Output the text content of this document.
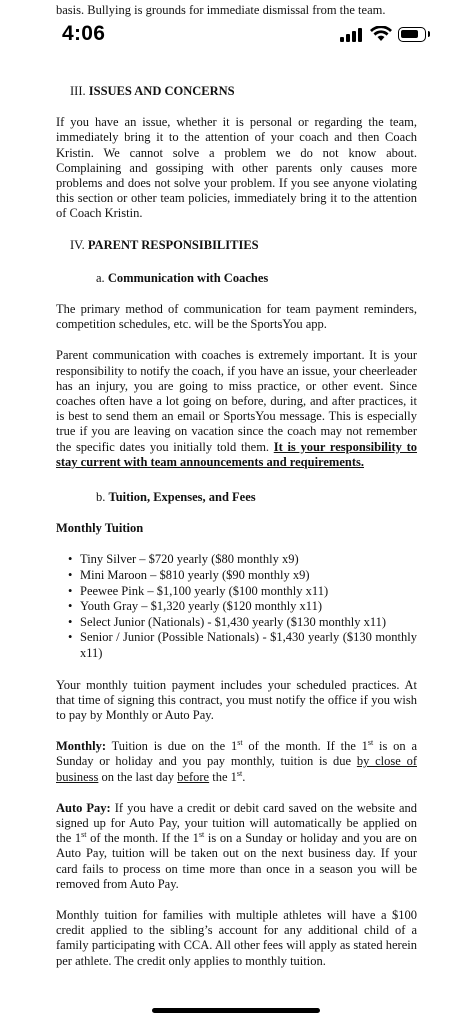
basis. Bullying is grounds for immediate dismissal from the team.
4:06
III. ISSUES AND CONCERNS

If you have an issue, whether it is personal or regarding the team, immediately bring it to the attention of your coach and then Coach Kristin. We cannot solve a problem we do not know about. Complaining and gossiping with other parents only causes more problems and does not solve your problem. If you see anyone violating this section or other team policies, immediately bring it to the attention of Coach Kristin.

IV. PARENT RESPONSIBILITIES
a. Communication with Coaches

The primary method of communication for team payment reminders, competition schedules, etc. will be the SportsYou app.

Parent communication with coaches is extremely important. It is your responsibility to notify the coach, if you have an issue, your cheerleader has an injury, you are going to miss practice, or other event. Since coaches often have a lot going on before, during, and after practices, it is best to send them an email or SportsYou message. This is especially true if you are leaving on vacation since the coach may not remember the specific dates you initially told them. It is your responsibility to stay current with team announcements and requirements.

b. Tuition, Expenses, and Fees
Monthly Tuition
• Tiny Silver – $720 yearly ($80 monthly x9)
• Mini Maroon – $810 yearly ($90 monthly x9)
• Peewee Pink – $1,100 yearly ($100 monthly x11)
• Youth Gray – $1,320 yearly ($120 monthly x11)
• Select Junior (Nationals) - $1,430 yearly ($130 monthly x11)
• Senior / Junior (Possible Nationals) - $1,430 yearly ($130 monthly x11)

Your monthly tuition payment includes your scheduled practices. At that time of signing this contract, you must notify the office if you wish to pay by Monthly or Auto Pay.

Monthly: Tuition is due on the 1st of the month. If the 1st is on a Sunday or holiday and you pay monthly, tuition is due by close of business on the last day before the 1st.

Auto Pay: If you have a credit or debit card saved on the website and signed up for Auto Pay, your tuition will automatically be applied on the 1st of the month. If the 1st is on a Sunday or holiday and you are on Auto Pay, tuition will be taken out on the next business day. If your card fails to process on time more than once in a season you will be removed from Auto Pay.

Monthly tuition for families with multiple athletes will have a $100 credit applied to the sibling’s account for any additional child of a family participating with CCA. All other fees will apply as stated herein per athlete. The credit only applies to monthly tuition.
